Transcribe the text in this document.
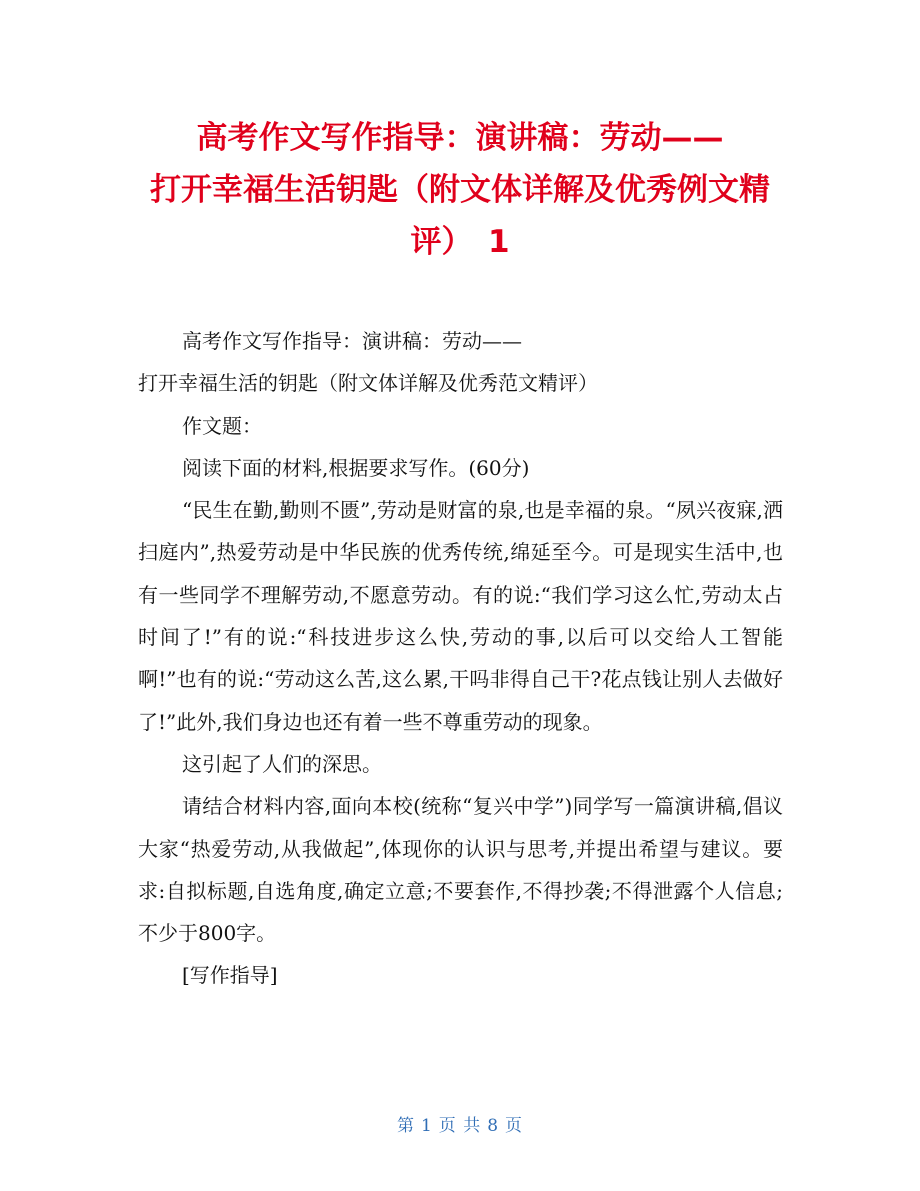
高考作文写作指导：演讲稿：劳动——
打开幸福生活钥匙（附文体详解及优秀例文精
评）　1

高考作文写作指导：演讲稿：劳动——

打开幸福生活的钥匙（附文体详解及优秀范文精评）

作文题：

阅读下面的材料,根据要求写作。(60分)

“民生在勤,勤则不匮”,劳动是财富的泉,也是幸福的泉。“夙兴夜寐,洒扫庭内”,热爱劳动是中华民族的优秀传统,绵延至今。可是现实生活中,也有一些同学不理解劳动,不愿意劳动。有的说:“我们学习这么忙,劳动太占时间了!”有的说:“科技进步这么快,劳动的事,以后可以交给人工智能啊!”也有的说:“劳动这么苦,这么累,干吗非得自己干?花点钱让别人去做好了!”此外,我们身边也还有着一些不尊重劳动的现象。

这引起了人们的深思。

请结合材料内容,面向本校(统称“复兴中学”)同学写一篇演讲稿,倡议大家“热爱劳动,从我做起”,体现你的认识与思考,并提出希望与建议。要求:自拟标题,自选角度,确定立意;不要套作,不得抄袭;不得泄露个人信息;不少于800字。

[写作指导]

第 1 页 共 8 页
